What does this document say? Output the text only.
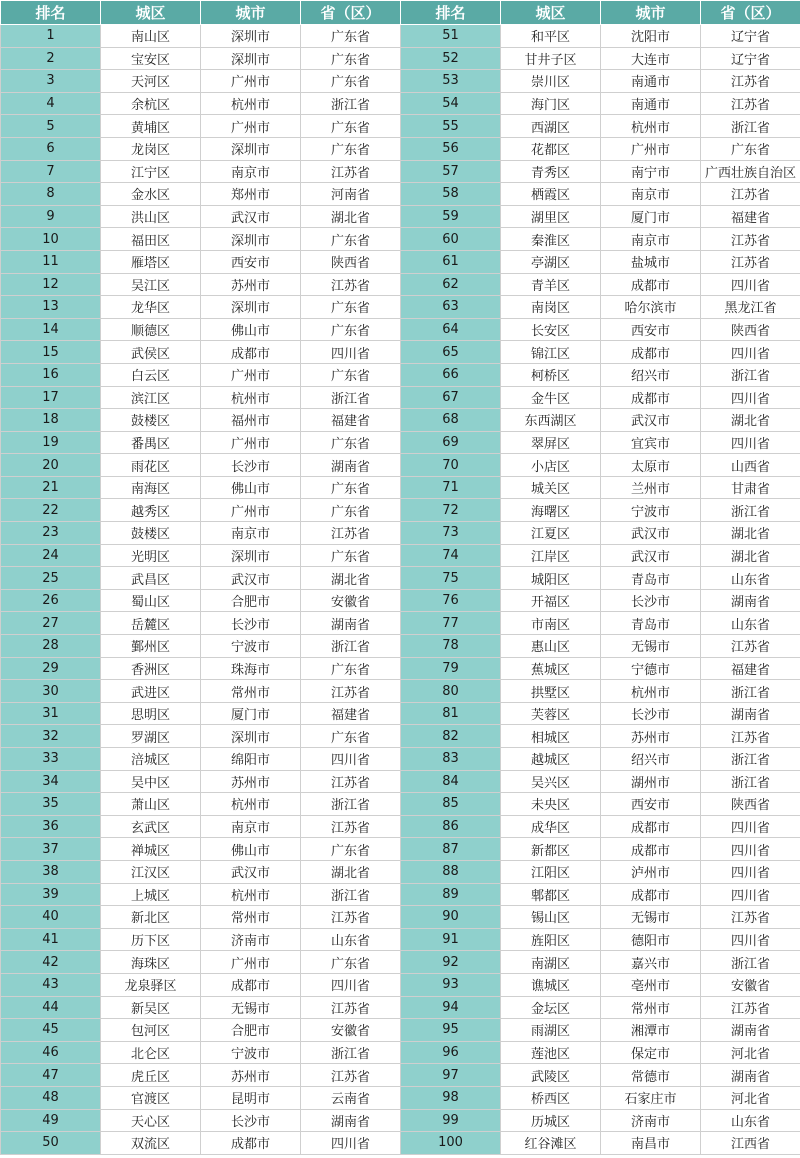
排名	城区	城市	省（区）
1	南山区	深圳市	广东省
2	宝安区	深圳市	广东省
3	天河区	广州市	广东省
4	余杭区	杭州市	浙江省
5	黄埔区	广州市	广东省
6	龙岗区	深圳市	广东省
7	江宁区	南京市	江苏省
8	金水区	郑州市	河南省
9	洪山区	武汉市	湖北省
10	福田区	深圳市	广东省
11	雁塔区	西安市	陕西省
12	吴江区	苏州市	江苏省
13	龙华区	深圳市	广东省
14	顺德区	佛山市	广东省
15	武侯区	成都市	四川省
16	白云区	广州市	广东省
17	滨江区	杭州市	浙江省
18	鼓楼区	福州市	福建省
19	番禺区	广州市	广东省
20	雨花区	长沙市	湖南省
21	南海区	佛山市	广东省
22	越秀区	广州市	广东省
23	鼓楼区	南京市	江苏省
24	光明区	深圳市	广东省
25	武昌区	武汉市	湖北省
26	蜀山区	合肥市	安徽省
27	岳麓区	长沙市	湖南省
28	鄞州区	宁波市	浙江省
29	香洲区	珠海市	广东省
30	武进区	常州市	江苏省
31	思明区	厦门市	福建省
32	罗湖区	深圳市	广东省
33	涪城区	绵阳市	四川省
34	吴中区	苏州市	江苏省
35	萧山区	杭州市	浙江省
36	玄武区	南京市	江苏省
37	禅城区	佛山市	广东省
38	江汉区	武汉市	湖北省
39	上城区	杭州市	浙江省
40	新北区	常州市	江苏省
41	历下区	济南市	山东省
42	海珠区	广州市	广东省
43	龙泉驿区	成都市	四川省
44	新吴区	无锡市	江苏省
45	包河区	合肥市	安徽省
46	北仑区	宁波市	浙江省
47	虎丘区	苏州市	江苏省
48	官渡区	昆明市	云南省
49	天心区	长沙市	湖南省
50	双流区	成都市	四川省
排名	城区	城市	省（区）
51	和平区	沈阳市	辽宁省
52	甘井子区	大连市	辽宁省
53	崇川区	南通市	江苏省
54	海门区	南通市	江苏省
55	西湖区	杭州市	浙江省
56	花都区	广州市	广东省
57	青秀区	南宁市	广西壮族自治区
58	栖霞区	南京市	江苏省
59	湖里区	厦门市	福建省
60	秦淮区	南京市	江苏省
61	亭湖区	盐城市	江苏省
62	青羊区	成都市	四川省
63	南岗区	哈尔滨市	黑龙江省
64	长安区	西安市	陕西省
65	锦江区	成都市	四川省
66	柯桥区	绍兴市	浙江省
67	金牛区	成都市	四川省
68	东西湖区	武汉市	湖北省
69	翠屏区	宜宾市	四川省
70	小店区	太原市	山西省
71	城关区	兰州市	甘肃省
72	海曙区	宁波市	浙江省
73	江夏区	武汉市	湖北省
74	江岸区	武汉市	湖北省
75	城阳区	青岛市	山东省
76	开福区	长沙市	湖南省
77	市南区	青岛市	山东省
78	惠山区	无锡市	江苏省
79	蕉城区	宁德市	福建省
80	拱墅区	杭州市	浙江省
81	芙蓉区	长沙市	湖南省
82	相城区	苏州市	江苏省
83	越城区	绍兴市	浙江省
84	吴兴区	湖州市	浙江省
85	未央区	西安市	陕西省
86	成华区	成都市	四川省
87	新都区	成都市	四川省
88	江阳区	泸州市	四川省
89	郫都区	成都市	四川省
90	锡山区	无锡市	江苏省
91	旌阳区	德阳市	四川省
92	南湖区	嘉兴市	浙江省
93	谯城区	亳州市	安徽省
94	金坛区	常州市	江苏省
95	雨湖区	湘潭市	湖南省
96	莲池区	保定市	河北省
97	武陵区	常德市	湖南省
98	桥西区	石家庄市	河北省
99	历城区	济南市	山东省
100	红谷滩区	南昌市	江西省
